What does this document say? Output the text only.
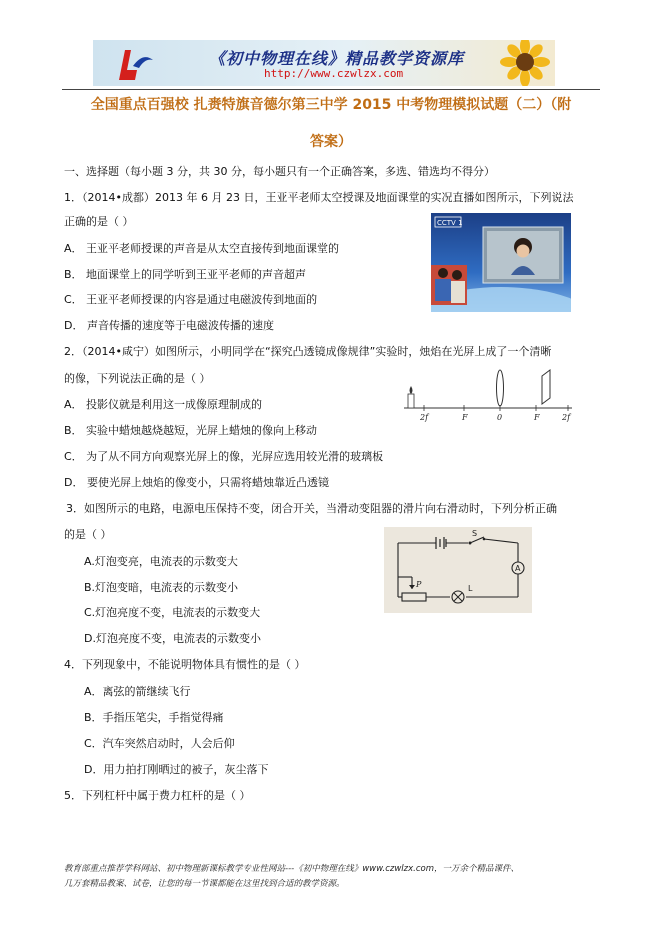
《初中物理在线》精品教学资源库
http://www.czwlzx.com
全国重点百强校 扎赉特旗音德尔第三中学 2015 中考物理模拟试题（二）（附
答案）
一、选择题（每小题 3 分，共 30 分，每小题只有一个正确答案，多选、错选均不得分）
1．（2014•成都）2013 年 6 月 23 日，王亚平老师太空授课及地面课堂的实况直播如图所示，下列说法
正确的是（ ）
A． 王亚平老师授课的声音是从太空直接传到地面课堂的
B． 地面课堂上的同学听到王亚平老师的声音超声
C． 王亚平老师授课的内容是通过电磁波传到地面的
D． 声音传播的速度等于电磁波传播的速度
CCTV 1
2．（2014•咸宁）如图所示，小明同学在“探究凸透镜成像规律”实验时，烛焰在光屏上成了一个清晰
的像，下列说法正确的是（ ）
A． 投影仪就是利用这一成像原理制成的
B． 实验中蜡烛越烧越短，光屏上蜡烛的像向上移动
C． 为了从不同方向观察光屏上的像，光屏应选用较光滑的玻璃板
D． 要使光屏上烛焰的像变小，只需将蜡烛靠近凸透镜
2f	F	0	F	2f
3．如图所示的电路，电源电压保持不变，闭合开关，当滑动变阻器的滑片向右滑动时，下列分析正确
的是（ ）
A.灯泡变亮，电流表的示数变大
B.灯泡变暗，电流表的示数变小
C.灯泡亮度不变，电流表的示数变大
D.灯泡亮度不变，电流表的示数变小
S
A
P	L
4．下列现象中，不能说明物体具有惯性的是（ ）
A．离弦的箭继续飞行
B．手指压笔尖，手指觉得痛
C．汽车突然启动时，人会后仰
D．用力拍打刚晒过的被子，灰尘落下
5．下列杠杆中属于费力杠杆的是（ ）
教育部重点推荐学科网站、初中物理新课标教学专业性网站---《初中物理在线》www.czwlzx.com，一万余个精品课件、
几万套精品教案、试卷，让您的每一节课都能在这里找到合适的教学资源。
